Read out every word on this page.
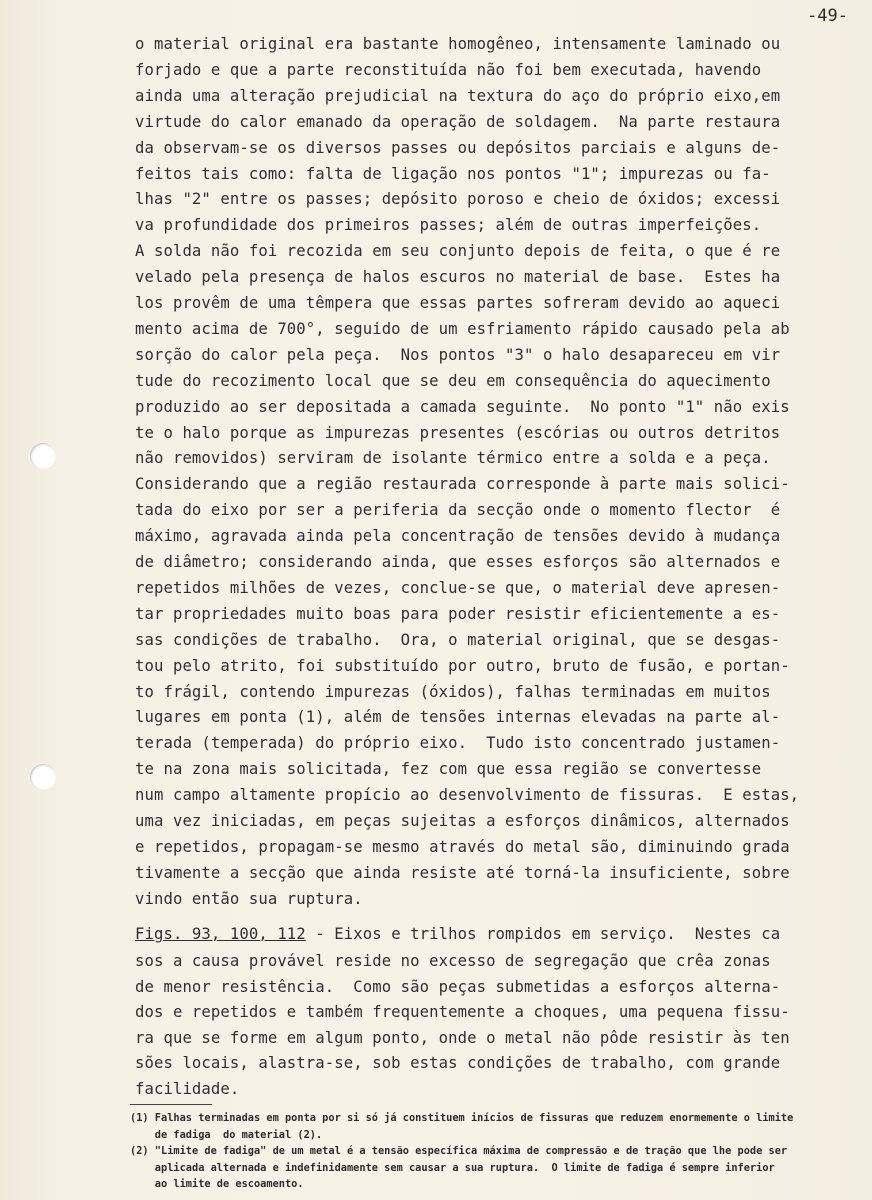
-49-
o material original era bastante homogêneo, intensamente laminado ou
forjado e que a parte reconstituída não foi bem executada, havendo
ainda uma alteração prejudicial na textura do aço do próprio eixo,em
virtude do calor emanado da operação de soldagem.  Na parte restaura
da observam-se os diversos passes ou depósitos parciais e alguns de-
feitos tais como: falta de ligação nos pontos "1"; impurezas ou fa-
lhas "2" entre os passes; depósito poroso e cheio de óxidos; excessi
va profundidade dos primeiros passes; além de outras imperfeições.
A solda não foi recozida em seu conjunto depois de feita, o que é re
velado pela presença de halos escuros no material de base.  Estes ha
los provêm de uma têmpera que essas partes sofreram devido ao aqueci
mento acima de 700°, seguido de um esfriamento rápido causado pela ab
sorção do calor pela peça.  Nos pontos "3" o halo desapareceu em vir
tude do recozimento local que se deu em consequência do aquecimento
produzido ao ser depositada a camada seguinte.  No ponto "1" não exis
te o halo porque as impurezas presentes (escórias ou outros detritos
não removidos) serviram de isolante térmico entre a solda e a peça.
Considerando que a região restaurada corresponde à parte mais solici-
tada do eixo por ser a periferia da secção onde o momento flector  é
máximo, agravada ainda pela concentração de tensões devido à mudança
de diâmetro; considerando ainda, que esses esforços são alternados e
repetidos milhões de vezes, conclue-se que, o material deve apresen-
tar propriedades muito boas para poder resistir eficientemente a es-
sas condições de trabalho.  Ora, o material original, que se desgas-
tou pelo atrito, foi substituído por outro, bruto de fusão, e portan-
to frágil, contendo impurezas (óxidos), falhas terminadas em muitos
lugares em ponta (1), além de tensões internas elevadas na parte al-
terada (temperada) do próprio eixo.  Tudo isto concentrado justamen-
te na zona mais solicitada, fez com que essa região se convertesse
num campo altamente propício ao desenvolvimento de fissuras.  E estas,
uma vez iniciadas, em peças sujeitas a esforços dinâmicos, alternados
e repetidos, propagam-se mesmo através do metal são, diminuindo grada
tivamente a secção que ainda resiste até torná-la insuficiente, sobre
vindo então sua ruptura.
Figs. 93, 100, 112 - Eixos e trilhos rompidos em serviço.  Nestes ca
sos a causa provável reside no excesso de segregação que crêa zonas
de menor resistência.  Como são peças submetidas a esforços alterna-
dos e repetidos e também frequentemente a choques, uma pequena fissu-
ra que se forme em algum ponto, onde o metal não pôde resistir às ten
sões locais, alastra-se, sob estas condições de trabalho, com grande
facilidade.
(1) Falhas terminadas em ponta por si só já constituem inícios de fissuras que reduzem enormemente o limite
de fadiga  do material (2).
(2) "Limite de fadiga" de um metal é a tensão específica máxima de compressão e de tração que lhe pode ser
aplicada alternada e indefinidamente sem causar a sua ruptura.  O limite de fadiga é sempre inferior
ao limite de escoamento.
